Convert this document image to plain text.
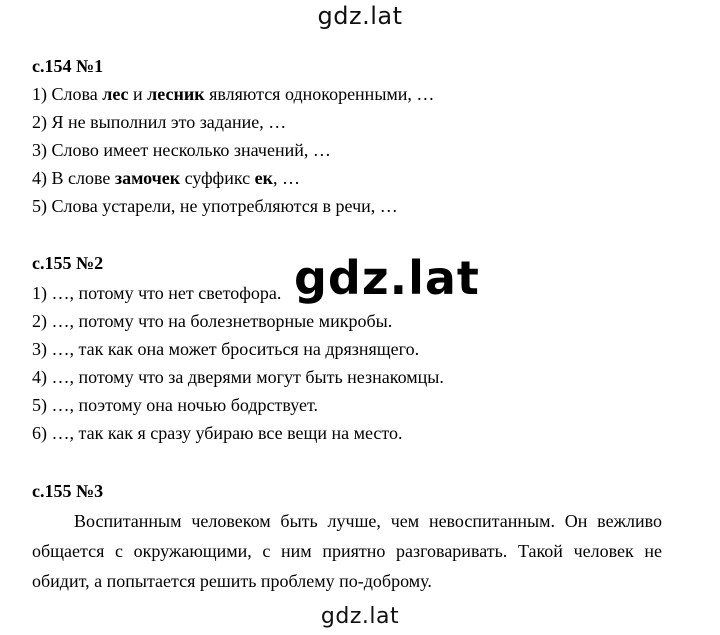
gdz.lat
с.154 №1
1) Слова лес и лесник являются однокоренными, …
2) Я не выполнил это задание, …
3) Слово имеет несколько значений, …
4) В слове замочек суффикс ек, …
5) Слова устарели, не употребляются в речи, …
с.155 №2
1) …, потому что нет светофора.
2) …, потому что на болезнетворные микробы.
3) …, так как она может броситься на дрязнящего.
4) …, потому что за дверями могут быть незнакомцы.
5) …, поэтому она ночью бодрствует.
6) …, так как я сразу убираю все вещи на место.
gdz.lat
с.155 №3
Воспитанным человеком быть лучше, чем невоспитанным. Он вежливо общается с окружающими, с ним приятно разговаривать. Такой человек не обидит, а попытается решить проблему по-доброму.
gdz.lat
